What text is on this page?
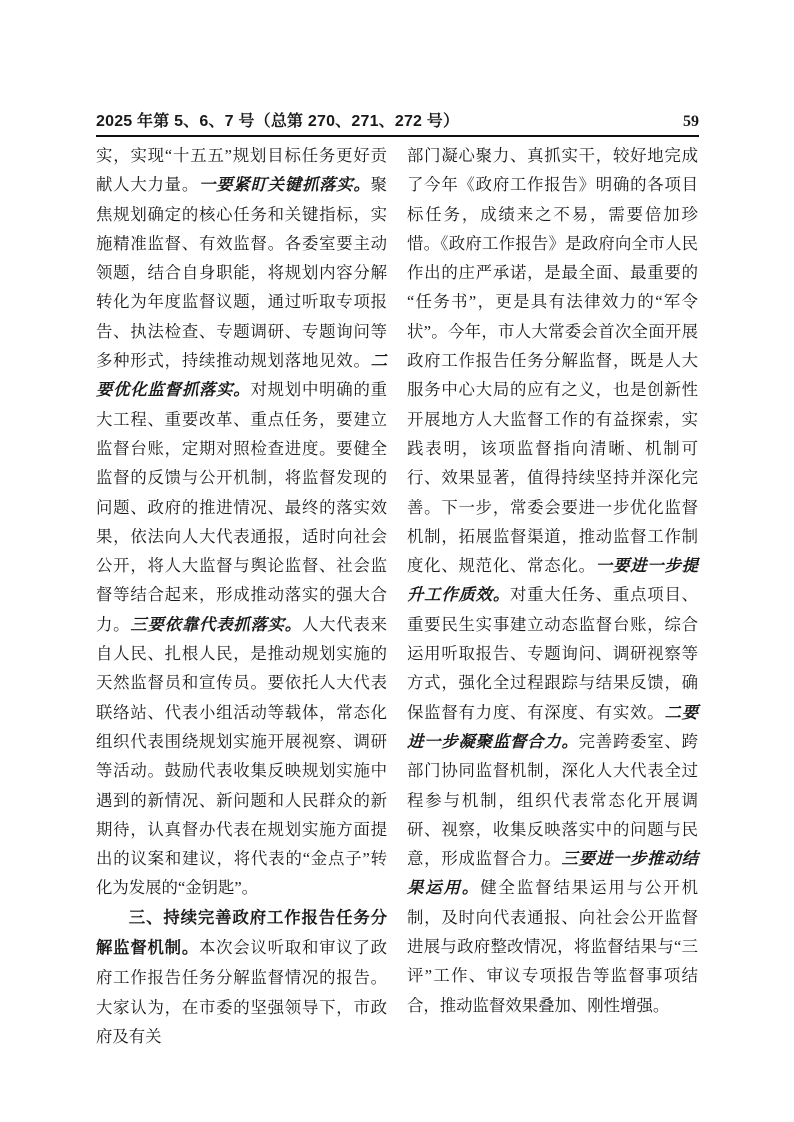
2025 年第 5、6、7 号（总第 270、271、272 号）	59

实，实现“十五五”规划目标任务更好贡献人大力量。一要紧盯关键抓落实。聚焦规划确定的核心任务和关键指标，实施精准监督、有效监督。各委室要主动领题，结合自身职能，将规划内容分解转化为年度监督议题，通过听取专项报告、执法检查、专题调研、专题询问等多种形式，持续推动规划落地见效。二要优化监督抓落实。对规划中明确的重大工程、重要改革、重点任务，要建立监督台账，定期对照检查进度。要健全监督的反馈与公开机制，将监督发现的问题、政府的推进情况、最终的落实效果，依法向人大代表通报，适时向社会公开，将人大监督与舆论监督、社会监督等结合起来，形成推动落实的强大合力。三要依靠代表抓落实。人大代表来自人民、扎根人民，是推动规划实施的天然监督员和宣传员。要依托人大代表联络站、代表小组活动等载体，常态化组织代表围绕规划实施开展视察、调研等活动。鼓励代表收集反映规划实施中遇到的新情况、新问题和人民群众的新期待，认真督办代表在规划实施方面提出的议案和建议，将代表的“金点子”转化为发展的“金钥匙”。

三、持续完善政府工作报告任务分解监督机制。本次会议听取和审议了政府工作报告任务分解监督情况的报告。大家认为，在市委的坚强领导下，市政府及有关

部门凝心聚力、真抓实干，较好地完成了今年《政府工作报告》明确的各项目标任务，成绩来之不易，需要倍加珍惜。《政府工作报告》是政府向全市人民作出的庄严承诺，是最全面、最重要的“任务书”，更是具有法律效力的“军令状”。今年，市人大常委会首次全面开展政府工作报告任务分解监督，既是人大服务中心大局的应有之义，也是创新性开展地方人大监督工作的有益探索，实践表明，该项监督指向清晰、机制可行、效果显著，值得持续坚持并深化完善。下一步，常委会要进一步优化监督机制，拓展监督渠道，推动监督工作制度化、规范化、常态化。一要进一步提升工作质效。对重大任务、重点项目、重要民生实事建立动态监督台账，综合运用听取报告、专题询问、调研视察等方式，强化全过程跟踪与结果反馈，确保监督有力度、有深度、有实效。二要进一步凝聚监督合力。完善跨委室、跨部门协同监督机制，深化人大代表全过程参与机制，组织代表常态化开展调研、视察，收集反映落实中的问题与民意，形成监督合力。三要进一步推动结果运用。健全监督结果运用与公开机制，及时向代表通报、向社会公开监督进展与政府整改情况，将监督结果与“三评”工作、审议专项报告等监督事项结合，推动监督效果叠加、刚性增强。
